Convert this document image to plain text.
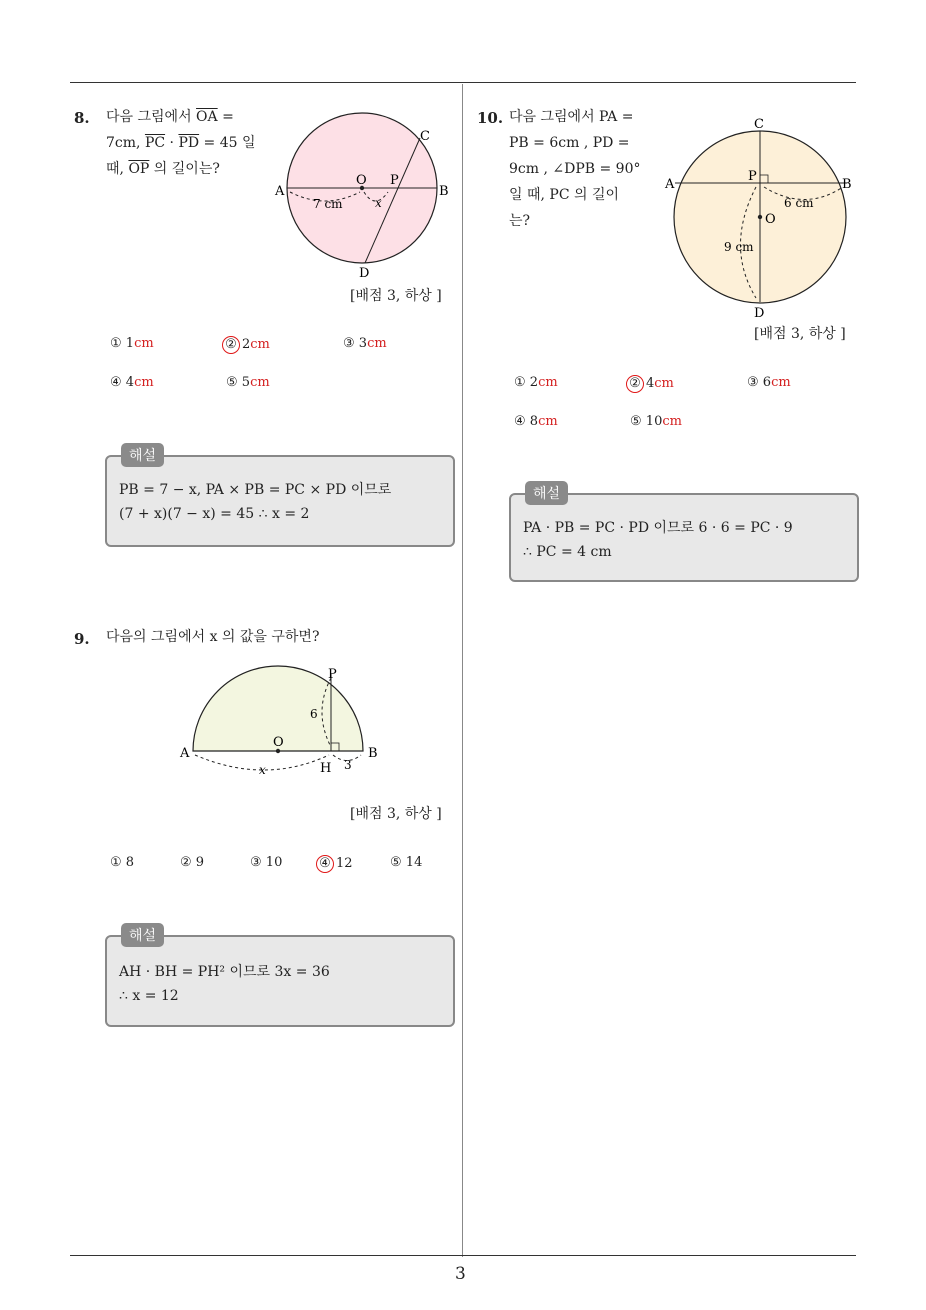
3
8. 다음 그림에서 $\overline{OA}$ =
7cm, $\overline{PC} \cdot \overline{PD} = 45$ 일
때, $\overline{OP}$ 의 길이는?
A	B
C
D
O P
7 cm	x
[배점 3, 하상 ]
① 1cm	② 2cm	③ 3cm
④ 4cm	⑤ 5cm
해설
PB = 7 − x, PA × PB = PC × PD 이므로
(7 + x)(7 − x) = 45 ∴ x = 2
9. 다음의 그림에서 x 의 값을 구하면?
A	B
O
P
H
6
3
x
[배점 3, 하상 ]
① 8	② 9	③ 10	④ 12	⑤ 14
해설
AH · BH = PH² 이므로 3x = 36
∴ x = 12
10. 다음 그림에서 PA =
PB = 6cm , PD =
9cm , ∠DPB = 90°
일 때, PC 의 길이
는?
A	B
C
D
P
O
6 cm
9 cm
[배점 3, 하상 ]
① 2cm	② 4cm	③ 6cm
④ 8cm	⑤ 10cm
해설
PA · PB = PC · PD 이므로 6 · 6 = PC · 9
∴ PC = 4 cm
